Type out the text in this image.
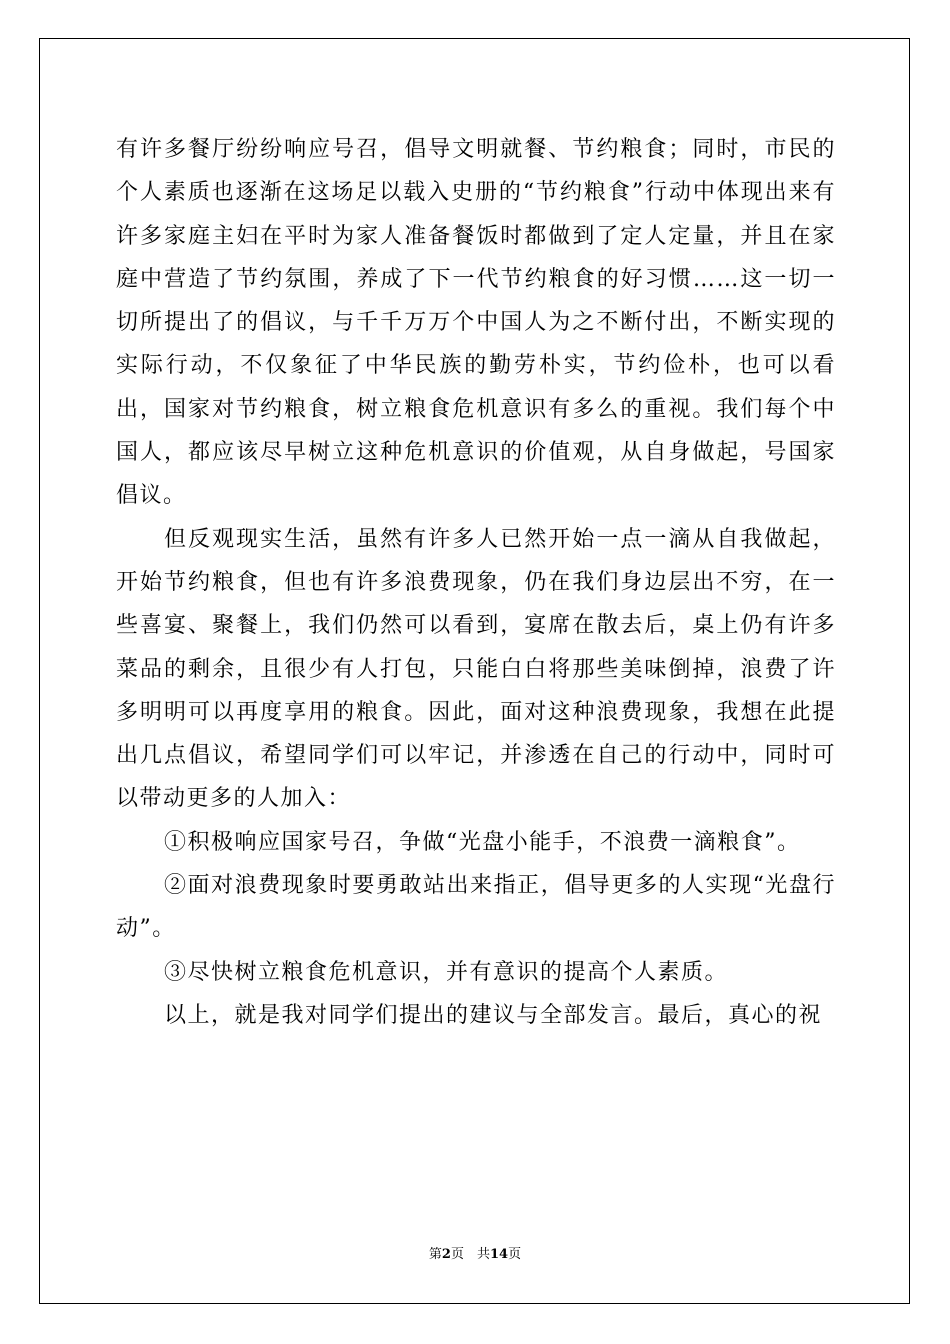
有许多餐厅纷纷响应号召，倡导文明就餐、节约粮食；同时，市民的个人素质也逐渐在这场足以载入史册的“节约粮食”行动中体现出来有许多家庭主妇在平时为家人准备餐饭时都做到了定人定量，并且在家庭中营造了节约氛围，养成了下一代节约粮食的好习惯……这一切一切所提出了的倡议，与千千万万个中国人为之不断付出，不断实现的实际行动，不仅象征了中华民族的勤劳朴实，节约俭朴，也可以看出，国家对节约粮食，树立粮食危机意识有多么的重视。我们每个中国人，都应该尽早树立这种危机意识的价值观，从自身做起，号国家倡议。

但反观现实生活，虽然有许多人已然开始一点一滴从自我做起，开始节约粮食，但也有许多浪费现象，仍在我们身边层出不穷，在一些喜宴、聚餐上，我们仍然可以看到，宴席在散去后，桌上仍有许多菜品的剩余，且很少有人打包，只能白白将那些美味倒掉，浪费了许多明明可以再度享用的粮食。因此，面对这种浪费现象，我想在此提出几点倡议，希望同学们可以牢记，并渗透在自己的行动中，同时可以带动更多的人加入：

①积极响应国家号召，争做“光盘小能手，不浪费一滴粮食”。

②面对浪费现象时要勇敢站出来指正，倡导更多的人实现“光盘行动”。

③尽快树立粮食危机意识，并有意识的提高个人素质。

以上，就是我对同学们提出的建议与全部发言。最后，真心的祝

第2页　共14页
